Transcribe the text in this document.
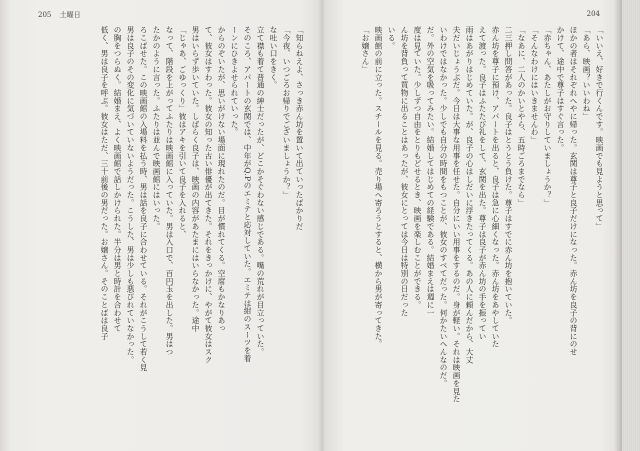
205 土曜日

「知らねえよ、さっき赤ん坊を置いて出ていったばかりだ

「今夜、いつごろお帰りでございましょうか？」

な吐い口をきく。

立て襟も着て普通の紳士だったが、どこかそぐわない感じである。嘴の荒れが目立っていた。

そのころ、アパートの玄関では、中年がQ.Pのエミテと応対していた。エミテは紺のスーツを着

ーンにひきよせられていった。

からのぞいたが、思いがけない場面に現れたのだ。目が慣れてくる。空席もかなりあっ

て、彼女はすわった。彼女の知った古い俳優が出てきた。それをきっかけに、やがて彼女はスク

男はいらず歩いていた。しばらく良子は、映画の内容があたまにはいらなかった。途中

「じゃあ、ごゆっくり」彼はアキを引いて良子を入れると、

なって、階段を上がってふたりは映画館に入っていた。男は入口で、百円玉を出した。男はつ

たかのように言った。ふたりは並んで映画館にはいった。

ろこばせた。この映画館の入場料を払う時、男は話を良子に合わせている。それがこうして若く見

男は良子のその変化に気づいていないようだった。こうした、男は少しも悪びれていなかった。

の胸をつらぬく。結婚まえ、よく映画館で話しかけられた。半分は男と時計を合わせて

低く、男は良子を呼ぶ。彼女はただ、三十前後の男だった。お嬢さん。そのことばは良子

204

「いいえ、好きで行くんです。映画でも見ようと思って」

「あら、映画？いいわね」

ほかの者はそれぞれへやに帰った。玄関は尊子と良子だけになった。赤ん坊を良子の背にのせ

かけて、途中で尊子はすぐ言った。

「赤ちゃん、あたしがお守りしていましょうか？」

「そんなわけにはいきませんわ」

「なあに、二人のかいとやら、五時ごろまでなら」

二三押し問答があった。良子はとうとう負けた。尊子はすでに赤ん坊を抱いていた。

赤ん坊を尊子に預け、アパートを出ると、良子は急に心細くなった。赤ん坊をあやしていた

えて渡った。良子はふたたび礼をして、玄関を出た。尊子は良子が赤ん坊の手を振ってい

雨はあがりはじめていた。が、良子の心はしだいに浮きたってくる。あの人に頼んだから、大丈

夫だいじょうぶだ。今日は大事な用事を任せた。自分にいい用事をするのだ。身が軽い。それは映画を見た

いわけではなかった。少しでも自分の時間をもつことが、彼女のすべてだった。何かたいへんなのだ。

だ。外の空気を吸ってみたい。結婚してはじめての経験である。結婚まえは週に一

度は見ていた。少しずつ自由をとりもどせるとき、映画を楽しむことができる。

ん坊を背負って買物に出ることはあったが、彼女にとっては今日は特別の日だった

いる。

映画館の前に立った。スチールを見る。売り場へ寄ろうとすると、横から男が寄ってきた。

「お嬢さん」
